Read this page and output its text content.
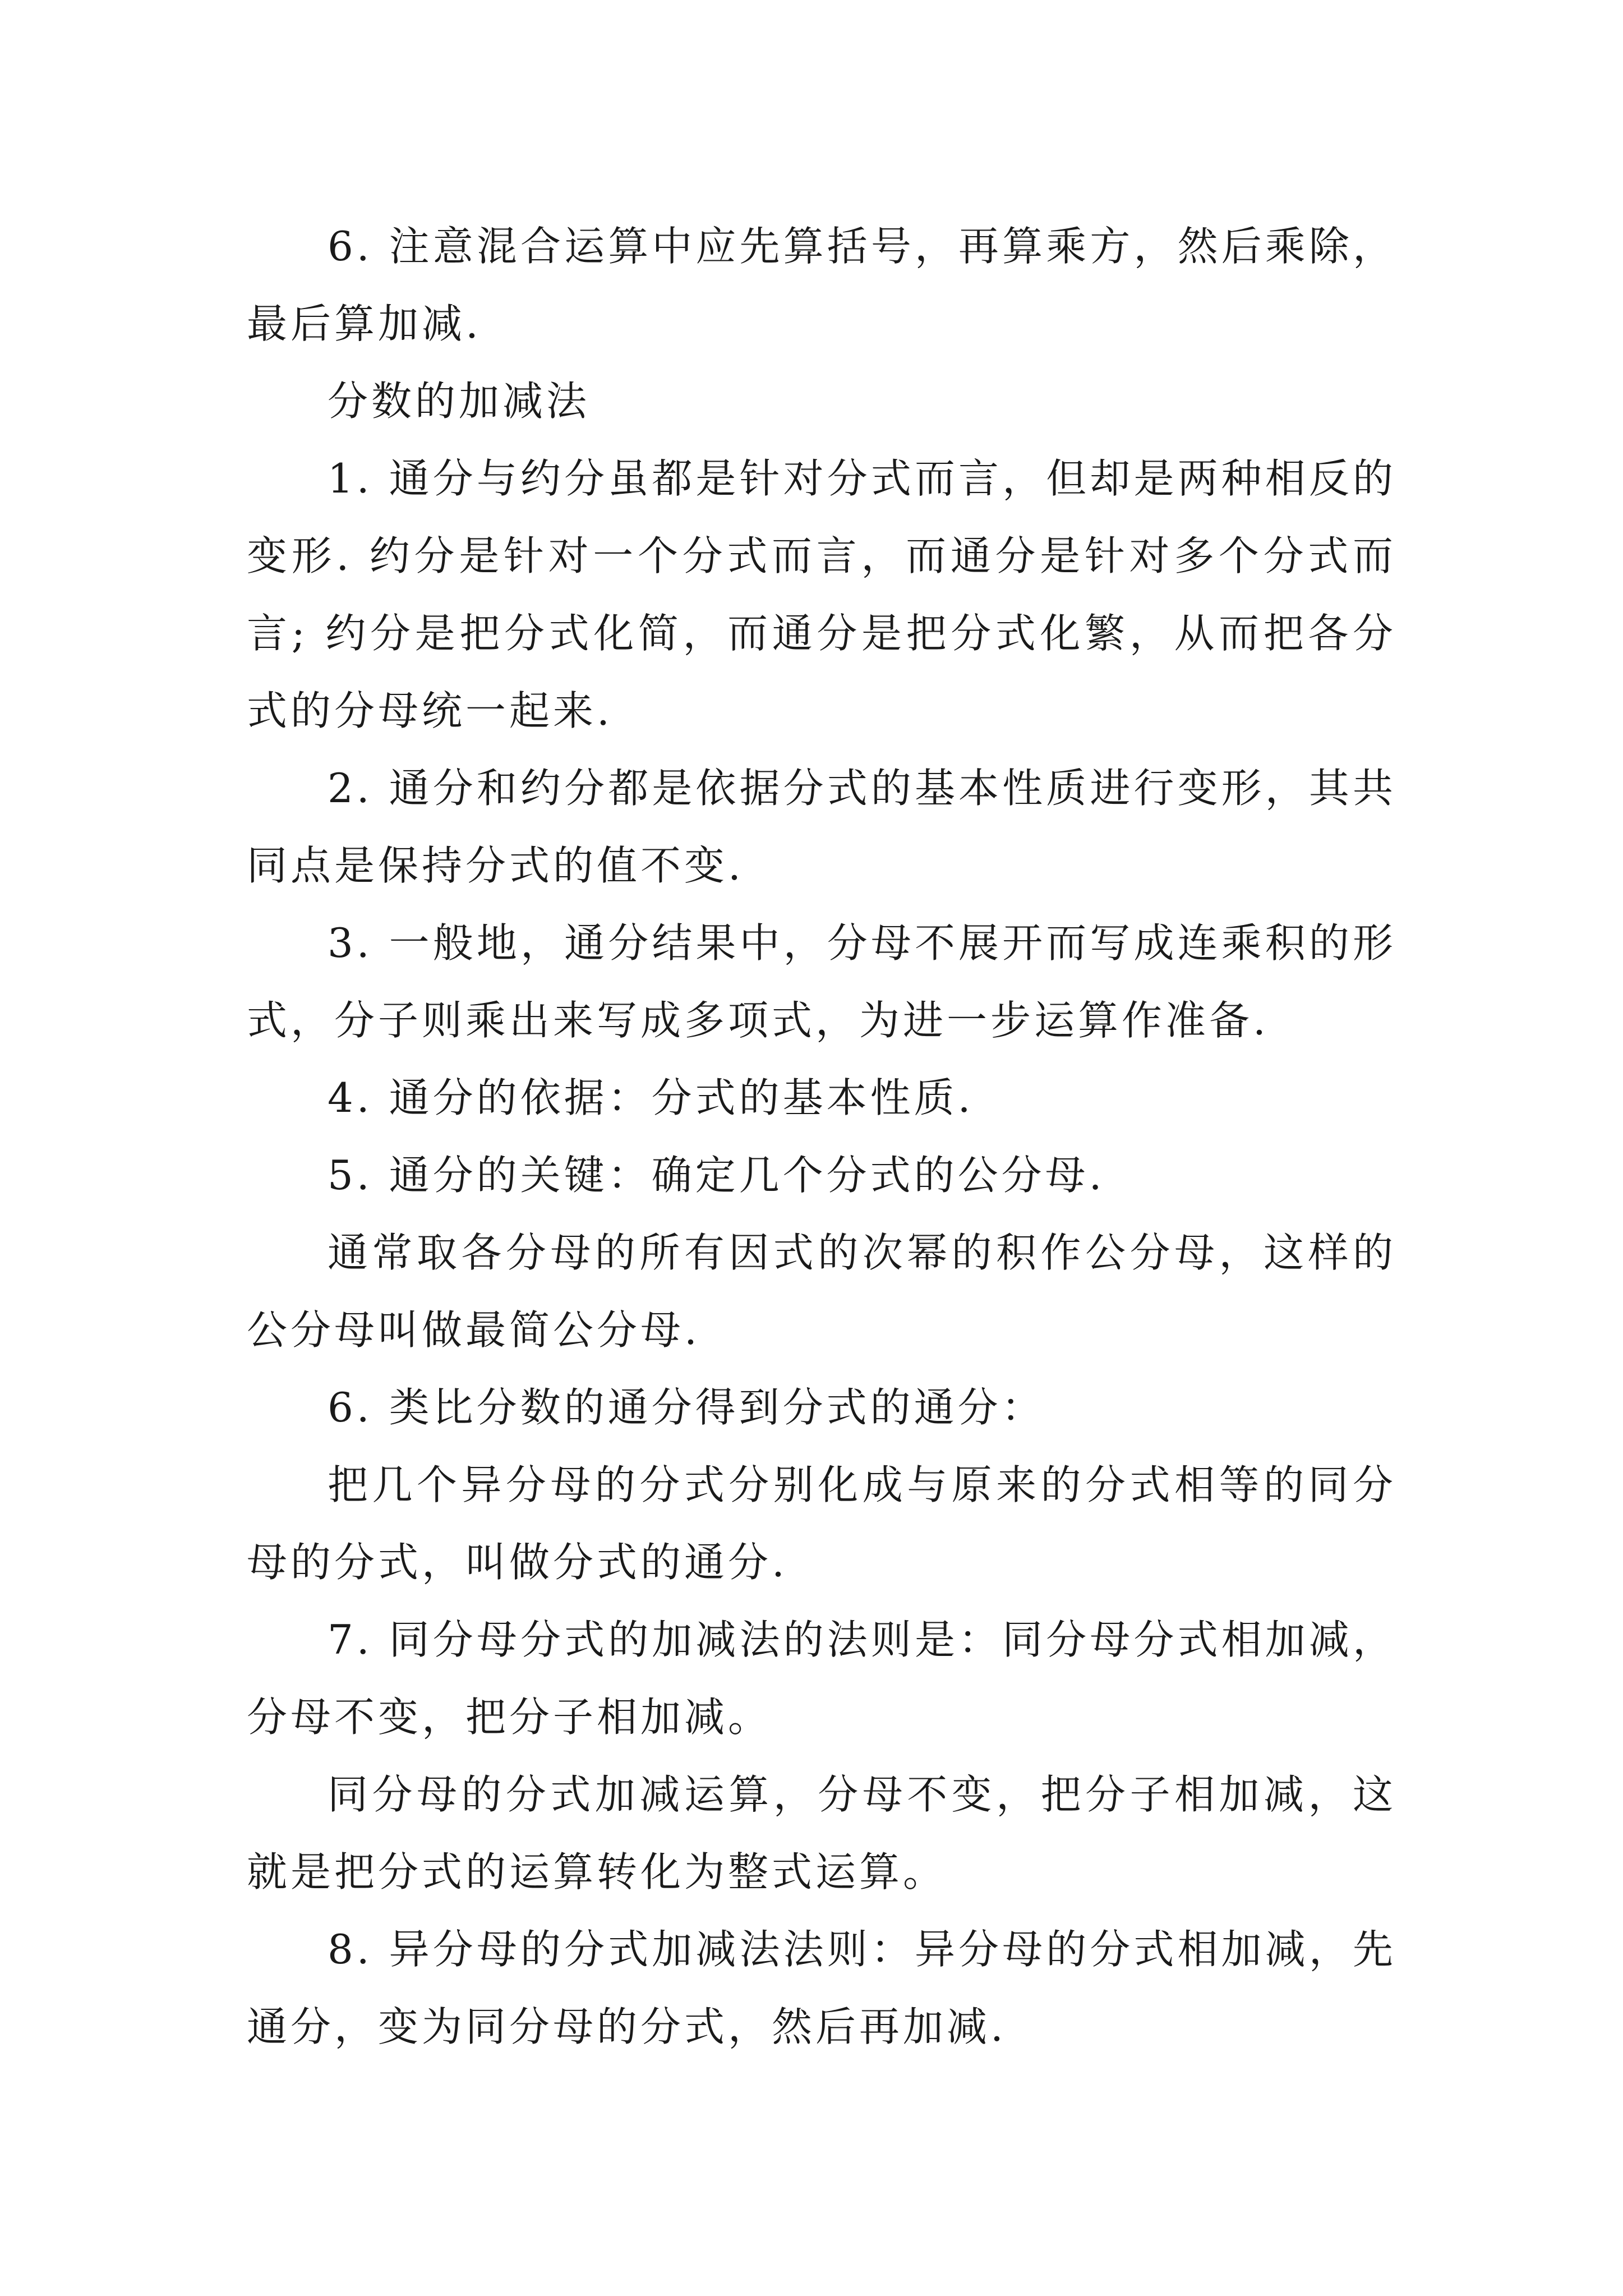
6. 注意混合运算中应先算括号，再算乘方，然后乘除，最后算加减.

分数的加减法

1. 通分与约分虽都是针对分式而言，但却是两种相反的变形. 约分是针对一个分式而言，而通分是针对多个分式而言; 约分是把分式化简，而通分是把分式化繁，从而把各分式的分母统一起来.

2. 通分和约分都是依据分式的基本性质进行变形，其共同点是保持分式的值不变.

3. 一般地，通分结果中，分母不展开而写成连乘积的形式，分子则乘出来写成多项式，为进一步运算作准备.

4. 通分的依据：分式的基本性质.

5. 通分的关键：确定几个分式的公分母.

通常取各分母的所有因式的次幂的积作公分母，这样的公分母叫做最简公分母.

6. 类比分数的通分得到分式的通分：

把几个异分母的分式分别化成与原来的分式相等的同分母的分式，叫做分式的通分.

7. 同分母分式的加减法的法则是：同分母分式相加减，分母不变，把分子相加减。

同分母的分式加减运算，分母不变，把分子相加减，这就是把分式的运算转化为整式运算。

8. 异分母的分式加减法法则：异分母的分式相加减，先通分，变为同分母的分式，然后再加减.
